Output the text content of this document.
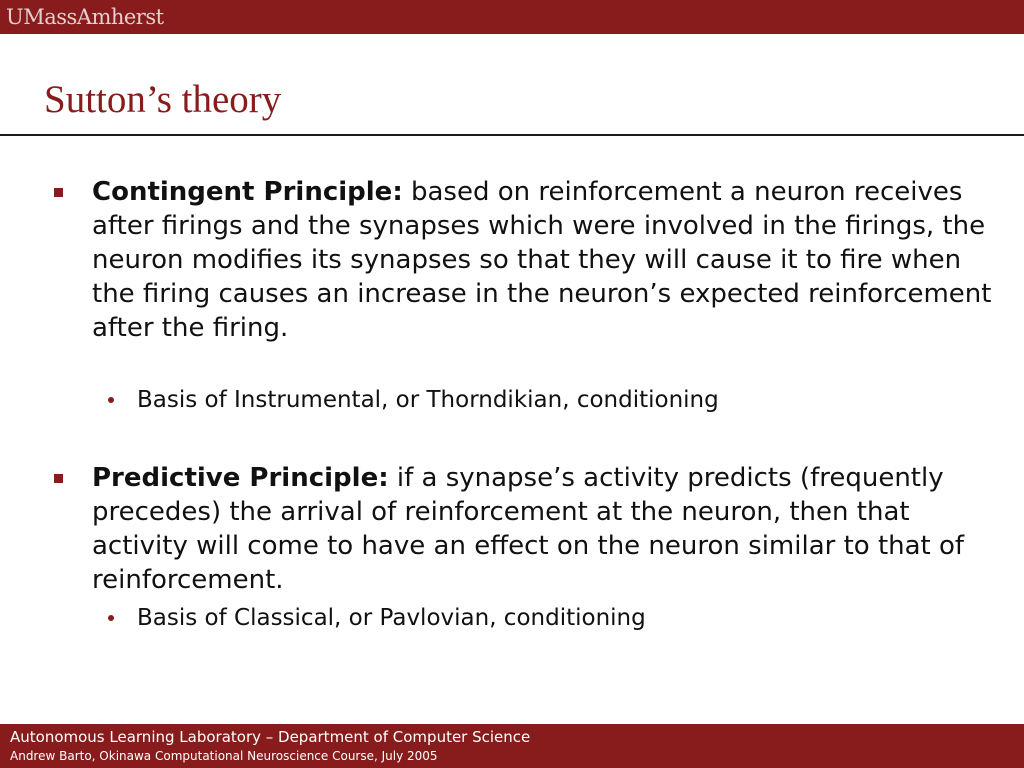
UMassAmherst
Sutton’s theory
Contingent Principle: based on reinforcement a neuron receives after firings and the synapses which were involved in the firings, the neuron modifies its synapses so that they will cause it to fire when the firing causes an increase in the neuron’s expected reinforcement after the firing.
Basis of Instrumental, or Thorndikian, conditioning
Predictive Principle: if a synapse’s activity predicts (frequently precedes) the arrival of reinforcement at the neuron, then that activity will come to have an effect on the neuron similar to that of reinforcement.
Basis of Classical, or Pavlovian, conditioning
Autonomous Learning Laboratory – Department of Computer Science
Andrew Barto, Okinawa Computational Neuroscience Course, July 2005
